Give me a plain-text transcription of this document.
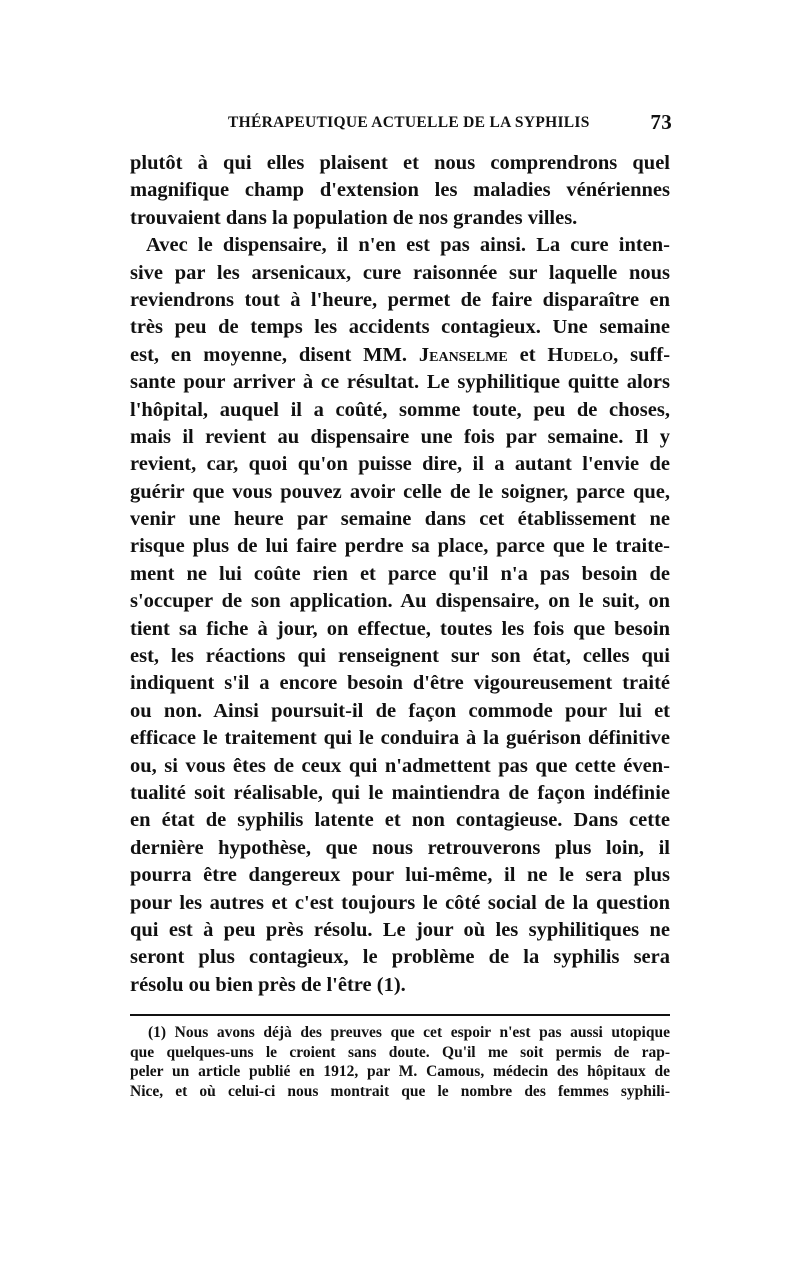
THÉRAPEUTIQUE ACTUELLE DE LA SYPHILIS	73
plutôt à qui elles plaisent et nous comprendrons quel
magnifique champ d'extension les maladies vénériennes
trouvaient dans la population de nos grandes villes.
Avec le dispensaire, il n'en est pas ainsi. La cure inten-
sive par les arsenicaux, cure raisonnée sur laquelle nous
reviendrons tout à l'heure, permet de faire disparaître en
très peu de temps les accidents contagieux. Une semaine
est, en moyenne, disent MM. Jeanselme et Hudelo, suff-
sante pour arriver à ce résultat. Le syphilitique quitte alors
l'hôpital, auquel il a coûté, somme toute, peu de choses,
mais il revient au dispensaire une fois par semaine. Il y
revient, car, quoi qu'on puisse dire, il a autant l'envie de
guérir que vous pouvez avoir celle de le soigner, parce que,
venir une heure par semaine dans cet établissement ne
risque plus de lui faire perdre sa place, parce que le traite-
ment ne lui coûte rien et parce qu'il n'a pas besoin de
s'occuper de son application. Au dispensaire, on le suit, on
tient sa fiche à jour, on effectue, toutes les fois que besoin
est, les réactions qui renseignent sur son état, celles qui
indiquent s'il a encore besoin d'être vigoureusement traité
ou non. Ainsi poursuit-il de façon commode pour lui et
efficace le traitement qui le conduira à la guérison définitive
ou, si vous êtes de ceux qui n'admettent pas que cette éven-
tualité soit réalisable, qui le maintiendra de façon indéfinie
en état de syphilis latente et non contagieuse. Dans cette
dernière hypothèse, que nous retrouverons plus loin, il
pourra être dangereux pour lui-même, il ne le sera plus
pour les autres et c'est toujours le côté social de la question
qui est à peu près résolu. Le jour où les syphilitiques ne
seront plus contagieux, le problème de la syphilis sera
résolu ou bien près de l'être (1).
(1) Nous avons déjà des preuves que cet espoir n'est pas aussi utopique
que quelques-uns le croient sans doute. Qu'il me soit permis de rap-
peler un article publié en 1912, par M. Camous, médecin des hôpitaux de
Nice, et où celui-ci nous montrait que le nombre des femmes syphili-
